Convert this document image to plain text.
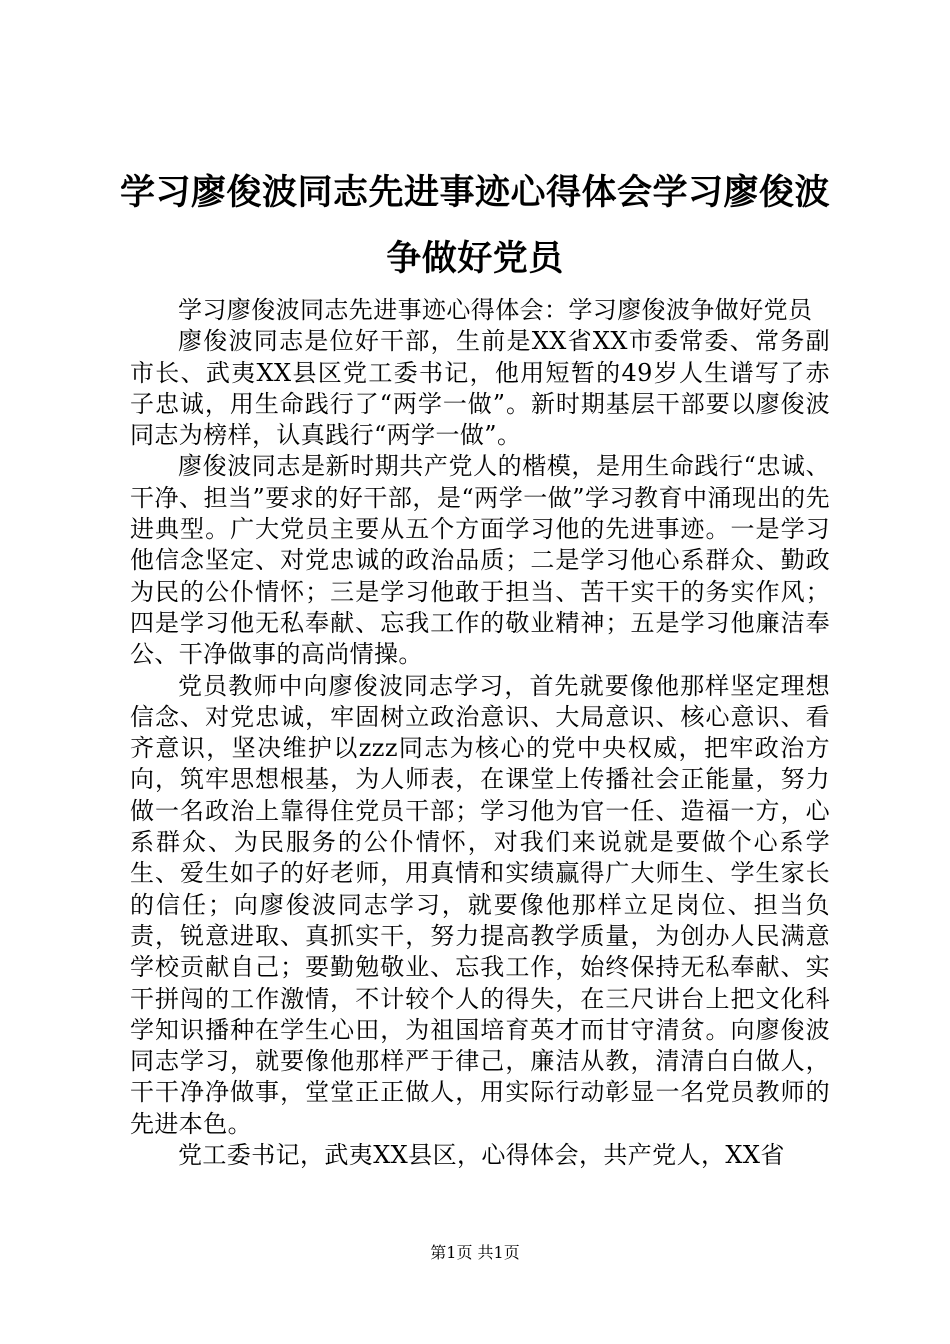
学习廖俊波同志先进事迹心得体会学习廖俊波争做好党员

学习廖俊波同志先进事迹心得体会：学习廖俊波争做好党员

廖俊波同志是位好干部，生前是XX省XX市委常委、常务副市长、武夷XX县区党工委书记，他用短暂的49岁人生谱写了赤子忠诚，用生命践行了“两学一做”。新时期基层干部要以廖俊波同志为榜样，认真践行“两学一做”。

廖俊波同志是新时期共产党人的楷模，是用生命践行“忠诚、干净、担当”要求的好干部，是“两学一做”学习教育中涌现出的先进典型。广大党员主要从五个方面学习他的先进事迹。一是学习他信念坚定、对党忠诚的政治品质；二是学习他心系群众、勤政为民的公仆情怀；三是学习他敢于担当、苦干实干的务实作风；四是学习他无私奉献、忘我工作的敬业精神；五是学习他廉洁奉公、干净做事的高尚情操。

党员教师中向廖俊波同志学习，首先就要像他那样坚定理想信念、对党忠诚，牢固树立政治意识、大局意识、核心意识、看齐意识，坚决维护以zzz同志为核心的党中央权威，把牢政治方向，筑牢思想根基，为人师表，在课堂上传播社会正能量，努力做一名政治上靠得住党员干部；学习他为官一任、造福一方，心系群众、为民服务的公仆情怀，对我们来说就是要做个心系学生、爱生如子的好老师，用真情和实绩赢得广大师生、学生家长的信任；向廖俊波同志学习，就要像他那样立足岗位、担当负责，锐意进取、真抓实干，努力提高教学质量，为创办人民满意学校贡献自己；要勤勉敬业、忘我工作，始终保持无私奉献、实干拼闯的工作激情，不计较个人的得失，在三尺讲台上把文化科学知识播种在学生心田，为祖国培育英才而甘守清贫。向廖俊波同志学习，就要像他那样严于律己，廉洁从教，清清白白做人，干干净净做事，堂堂正正做人，用实际行动彰显一名党员教师的先进本色。

党工委书记，武夷XX县区，心得体会，共产党人，XX省

第1页 共1页
